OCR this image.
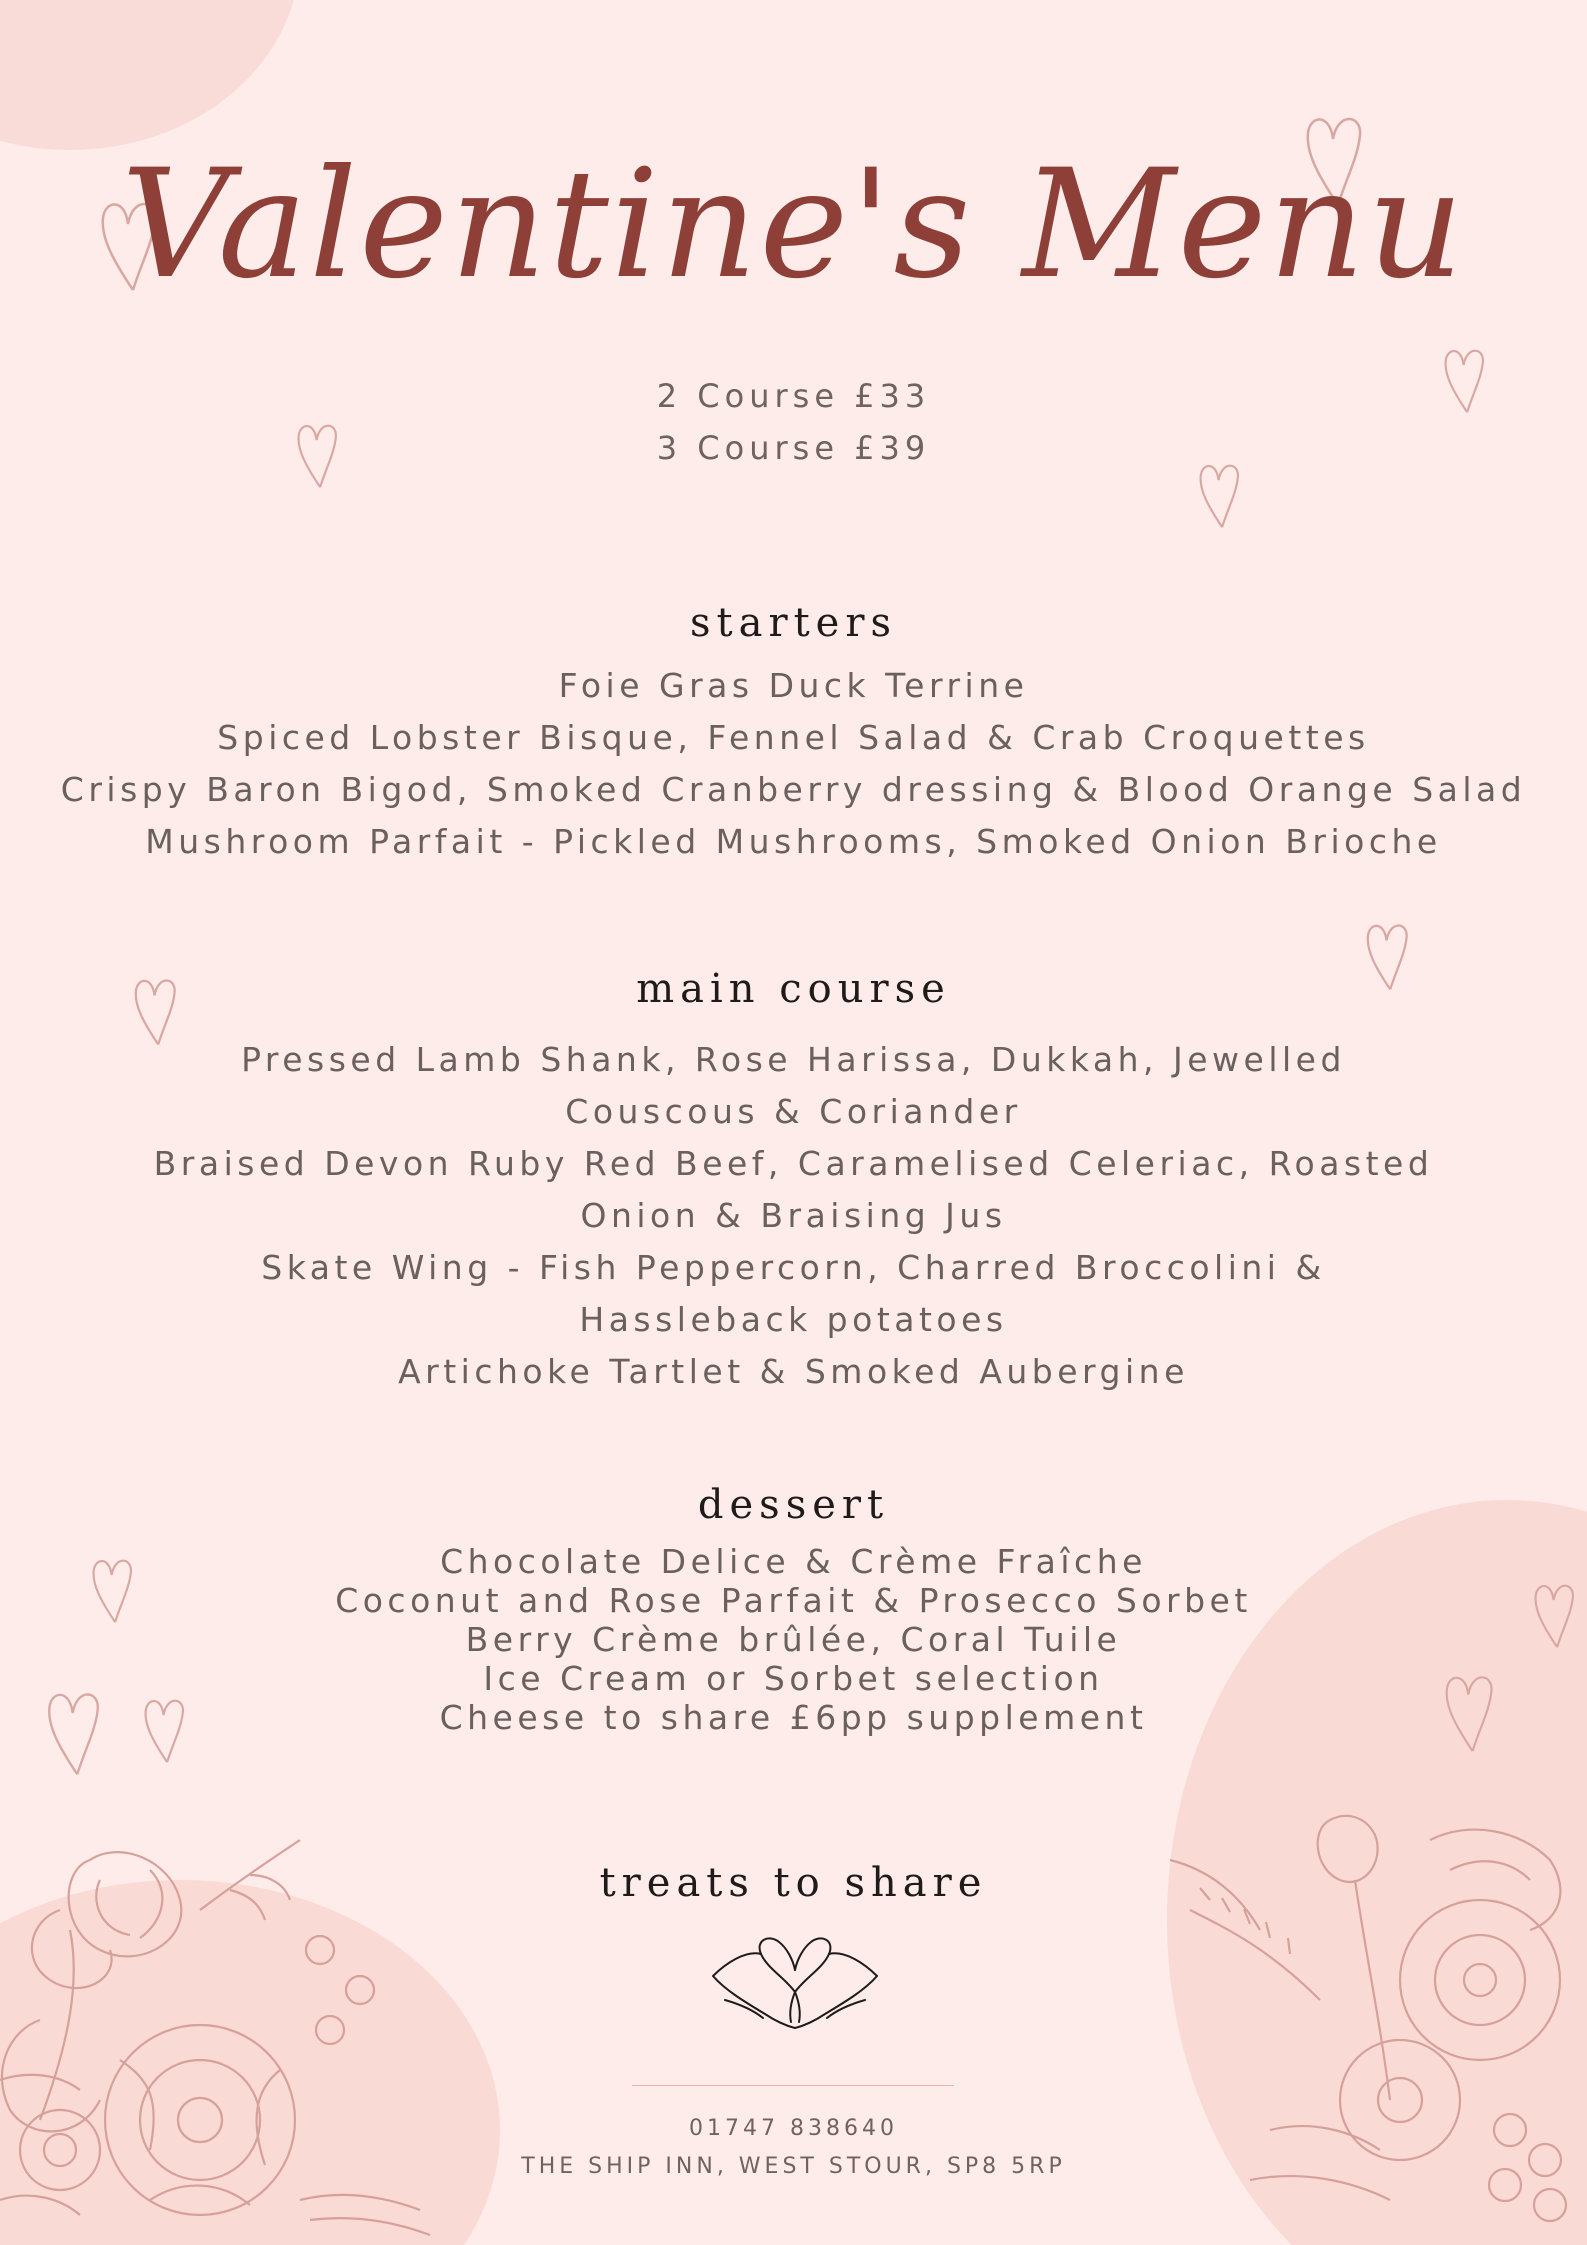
Valentine's Menu
2 Course £33
3 Course £39
starters
Foie Gras Duck Terrine
Spiced Lobster Bisque, Fennel Salad & Crab Croquettes
Crispy Baron Bigod, Smoked Cranberry dressing & Blood Orange Salad
Mushroom Parfait - Pickled Mushrooms, Smoked Onion Brioche
main course
Pressed Lamb Shank, Rose Harissa, Dukkah, Jewelled Couscous & Coriander
Braised Devon Ruby Red Beef, Caramelised Celeriac, Roasted Onion & Braising Jus
Skate Wing - Fish Peppercorn, Charred Broccolini & Hassleback potatoes
Artichoke Tartlet & Smoked Aubergine
dessert
Chocolate Delice & Crème Fraîche
Coconut and Rose Parfait & Prosecco Sorbet
Berry Crème brûlée, Coral Tuile
Ice Cream or Sorbet selection
Cheese to share £6pp supplement
treats to share
01747 838640
THE SHIP INN, WEST STOUR, SP8 5RP
